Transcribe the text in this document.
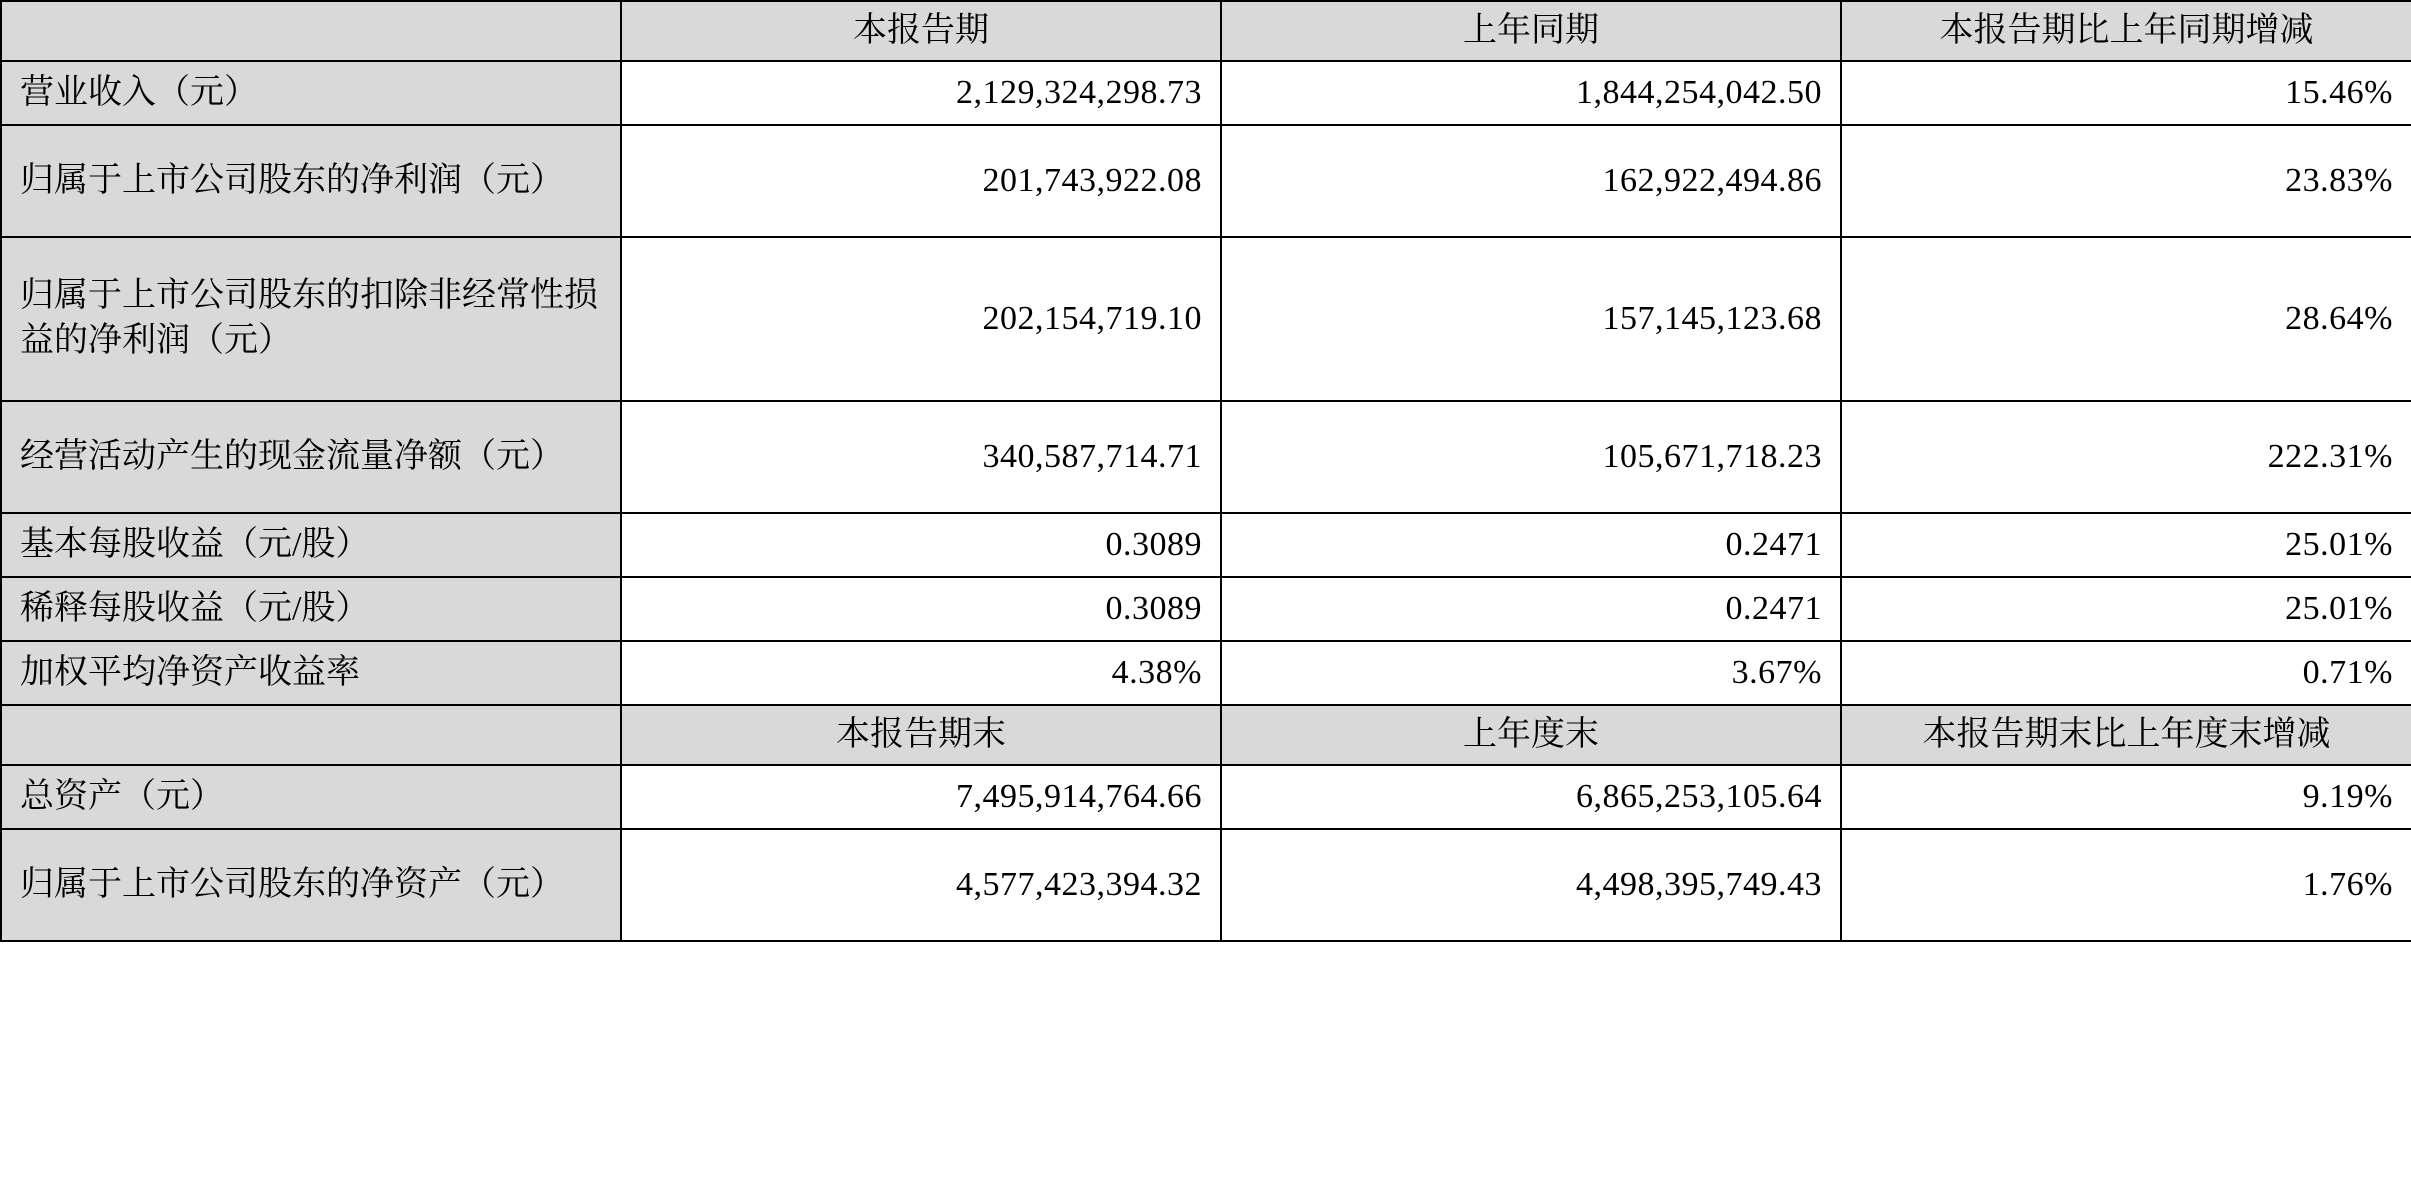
	本报告期	上年同期	本报告期比上年同期增减
营业收入（元）	2,129,324,298.73	1,844,254,042.50	15.46%
归属于上市公司股东的净利润（元）	201,743,922.08	162,922,494.86	23.83%
归属于上市公司股东的扣除非经常性损益的净利润（元）	202,154,719.10	157,145,123.68	28.64%
经营活动产生的现金流量净额（元）	340,587,714.71	105,671,718.23	222.31%
基本每股收益（元/股）	0.3089	0.2471	25.01%
稀释每股收益（元/股）	0.3089	0.2471	25.01%
加权平均净资产收益率	4.38%	3.67%	0.71%
	本报告期末	上年度末	本报告期末比上年度末增减
总资产（元）	7,495,914,764.66	6,865,253,105.64	9.19%
归属于上市公司股东的净资产（元）	4,577,423,394.32	4,498,395,749.43	1.76%
